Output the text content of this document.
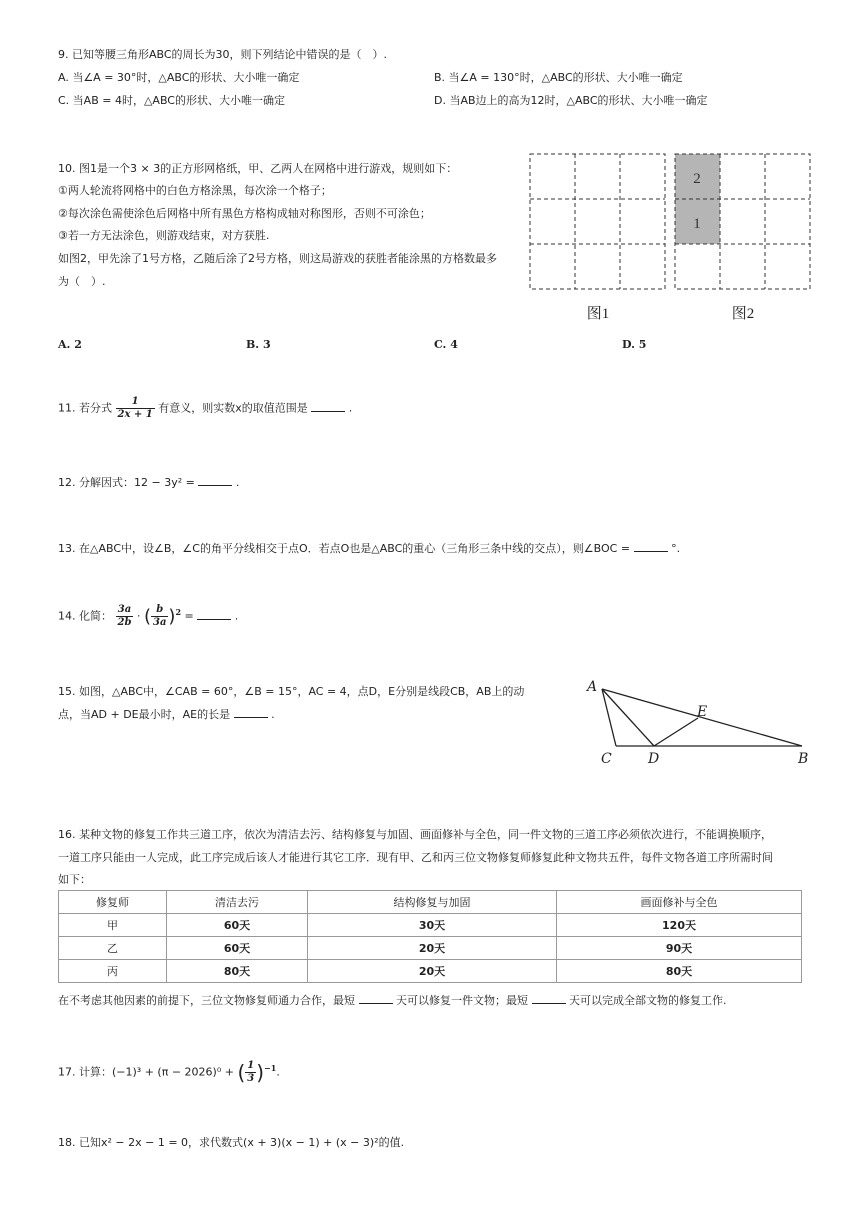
9. 已知等腰三角形ABC的周长为30，则下列结论中错误的是（　）.
A. 当∠A = 30°时，△ABC的形状、大小唯一确定	B. 当∠A = 130°时，△ABC的形状、大小唯一确定
C. 当AB = 4时，△ABC的形状、大小唯一确定	D. 当AB边上的高为12时，△ABC的形状、大小唯一确定
10. 图1是一个3 × 3的正方形网格纸，甲、乙两人在网格中进行游戏，规则如下：
①两人轮流将网格中的白色方格涂黑，每次涂一个格子；
②每次涂色需使涂色后网格中所有黑色方格构成轴对称图形，否则不可涂色；
③若一方无法涂色，则游戏结束，对方获胜.
如图2，甲先涂了1号方格，乙随后涂了2号方格，则这局游戏的获胜者能涂黑的方格数最多
为（　）.
2
1
图1	图2
A. 2	B. 3	C. 4	D. 5
11. 若分式 $\frac{1}{2x + 1}$ 有意义，则实数x的取值范围是	.
12. 分解因式：12 − 3y² =	.
13. 在△ABC中，设∠B，∠C的角平分线相交于点O．若点O也是△ABC的重心（三角形三条中线的交点），则∠BOC =	°.
14. 化简： $\frac{3a}{2b}$ · ( $\frac{b}{3a} )^2$ =	.
15. 如图，△ABC中，∠CAB = 60°，∠B = 15°，AC = 4，点D，E分别是线段CB，AB上的动
点，当AD + DE最小时，AE的长是	.
A
C	D
E
B
16. 某种文物的修复工作共三道工序，依次为清洁去污、结构修复与加固、画面修补与全色，同一件文物的三道工序必须依次进行，不能调换顺序，
一道工序只能由一人完成，此工序完成后该人才能进行其它工序．现有甲、乙和丙三位文物修复师修复此种文物共五件，每件文物各道工序所需时间
如下：
修复师	清洁去污	结构修复与加固	画面修补与全色
甲	60天	30天	120天
乙	60天	20天	90天
丙	80天	20天	80天
在不考虑其他因素的前提下，三位文物修复师通力合作，最短	天可以修复一件文物；最短	天可以完成全部文物的修复工作.
17. 计算：(−1)³ + (π − 2026)⁰ + ( $\frac{1}{3} )^{-1}$.
18. 已知x² − 2x − 1 = 0，求代数式(x + 3)(x − 1) + (x − 3)²的值.
